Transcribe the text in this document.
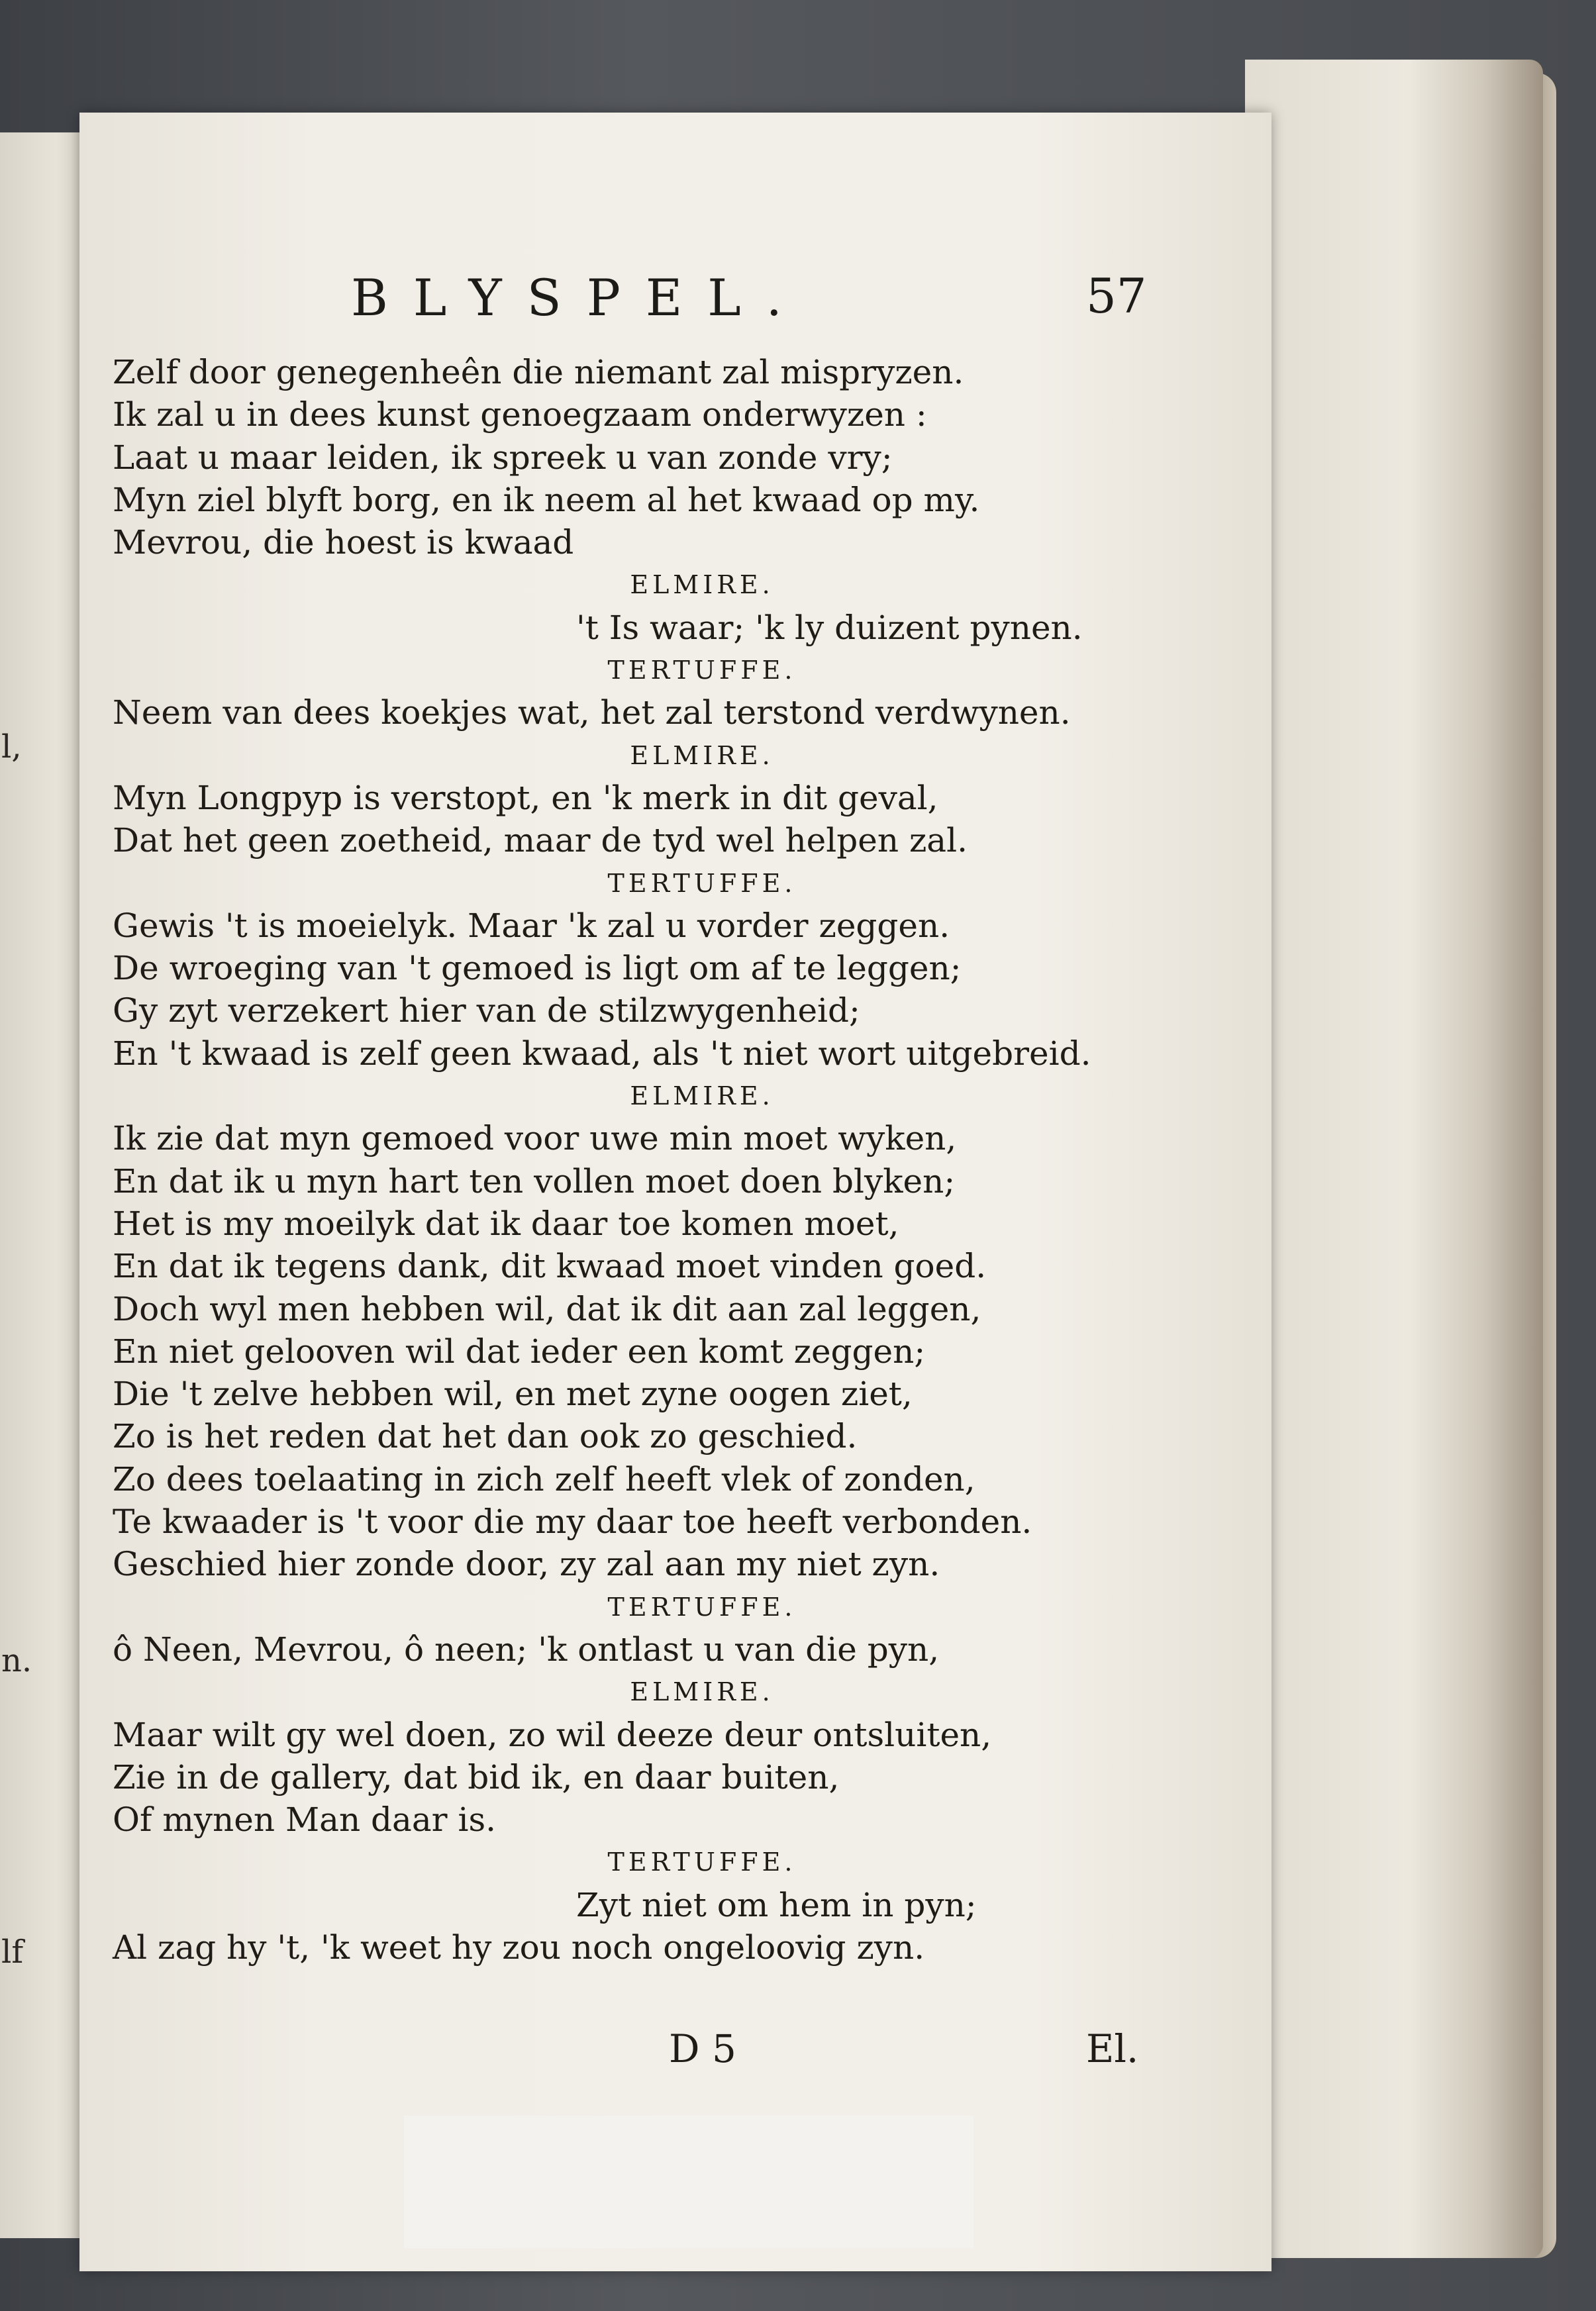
l,
n.
lf
BLYSPEL.	57
Zelf door genegenheên die niemant zal mispryzen.
Ik zal u in dees kunst genoegzaam onderwyzen :
Laat u maar leiden, ik spreek u van zonde vry;
Myn ziel blyft borg, en ik neem al het kwaad op my.
Mevrou, die hoest is kwaad
ELMIRE.
't Is waar; 'k ly duizent pynen.
TERTUFFE.
Neem van dees koekjes wat, het zal terstond verdwynen.
ELMIRE.
Myn Longpyp is verstopt, en 'k merk in dit geval,
Dat het geen zoetheid, maar de tyd wel helpen zal.
TERTUFFE.
Gewis 't is moeielyk. Maar 'k zal u vorder zeggen.
De wroeging van 't gemoed is ligt om af te leggen;
Gy zyt verzekert hier van de stilzwygenheid;
En 't kwaad is zelf geen kwaad, als 't niet wort uitgebreid.
ELMIRE.
Ik zie dat myn gemoed voor uwe min moet wyken,
En dat ik u myn hart ten vollen moet doen blyken;
Het is my moeilyk dat ik daar toe komen moet,
En dat ik tegens dank, dit kwaad moet vinden goed.
Doch wyl men hebben wil, dat ik dit aan zal leggen,
En niet gelooven wil dat ieder een komt zeggen;
Die 't zelve hebben wil, en met zyne oogen ziet,
Zo is het reden dat het dan ook zo geschied.
Zo dees toelaating in zich zelf heeft vlek of zonden,
Te kwaader is 't voor die my daar toe heeft verbonden.
Geschied hier zonde door, zy zal aan my niet zyn.
TERTUFFE.
ô Neen, Mevrou, ô neen; 'k ontlast u van die pyn,
ELMIRE.
Maar wilt gy wel doen, zo wil deeze deur ontsluiten,
Zie in de gallery, dat bid ik, en daar buiten,
Of mynen Man daar is.
TERTUFFE.
Zyt niet om hem in pyn;
Al zag hy 't, 'k weet hy zou noch ongeloovig zyn.
D 5	El.
